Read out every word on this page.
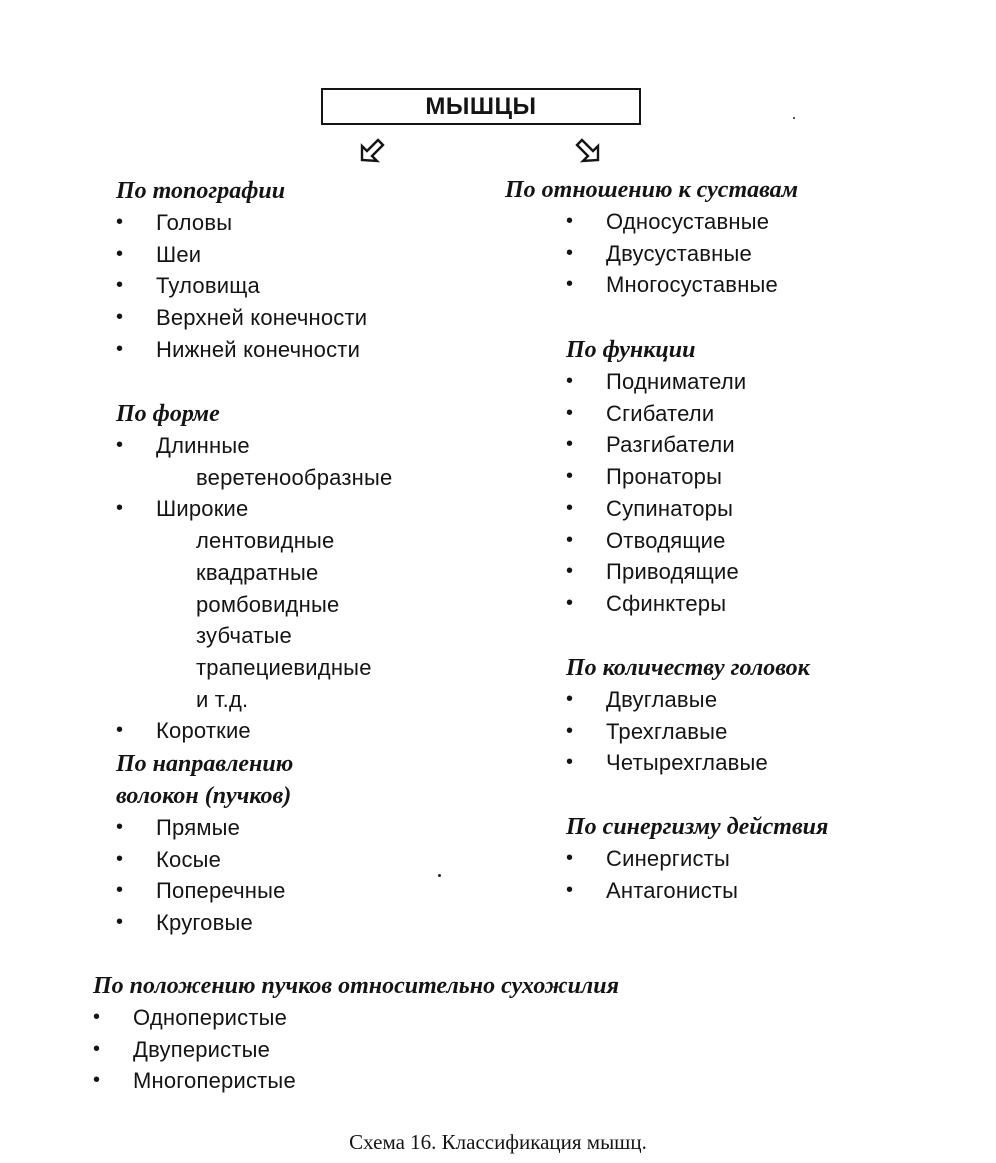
МЫШЦЫ
По топографии
• Головы
• Шеи
• Туловища
• Верхней конечности
• Нижней конечности
По форме
• Длинные
веретенообразные
• Широкие
лентовидные
квадратные
ромбовидные
зубчатые
трапециевидные
и т.д.
• Короткие
По направлению
волокон (пучков)
• Прямые
• Косые
• Поперечные
• Круговые
По отношению к суставам
• Односуставные
• Двусуставные
• Многосуставные
По функции
• Подниматели
• Сгибатели
• Разгибатели
• Пронаторы
• Супинаторы
• Отводящие
• Приводящие
• Сфинктеры
По количеству головок
• Двуглавые
• Трехглавые
• Четырехглавые
По синергизму действия
• Синергисты
• Антагонисты
По положению пучков относительно сухожилия
• Одноперистые
• Двуперистые
• Многоперистые
Схема 16. Классификация мышц.
